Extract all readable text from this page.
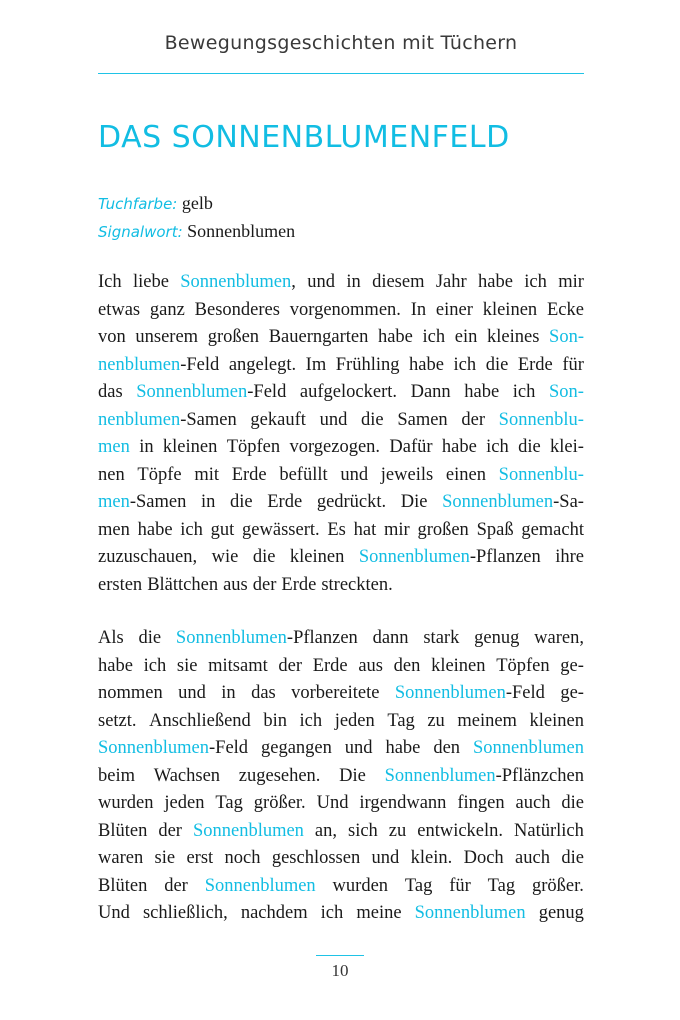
Bewegungsgeschichten mit Tüchern
DAS SONNENBLUMENFELD
Tuchfarbe: gelb
Signalwort: Sonnenblumen
Ich liebe Sonnenblumen, und in diesem Jahr habe ich mir
etwas ganz Besonderes vorgenommen. In einer kleinen Ecke
von unserem großen Bauerngarten habe ich ein kleines Son-
nenblumen-Feld angelegt. Im Frühling habe ich die Erde für
das Sonnenblumen-Feld aufgelockert. Dann habe ich Son-
nenblumen-Samen gekauft und die Samen der Sonnenblu-
men in kleinen Töpfen vorgezogen. Dafür habe ich die klei-
nen Töpfe mit Erde befüllt und jeweils einen Sonnenblu-
men-Samen in die Erde gedrückt. Die Sonnenblumen-Sa-
men habe ich gut gewässert. Es hat mir großen Spaß gemacht
zuzuschauen, wie die kleinen Sonnenblumen-Pflanzen ihre
ersten Blättchen aus der Erde streckten.
Als die Sonnenblumen-Pflanzen dann stark genug waren,
habe ich sie mitsamt der Erde aus den kleinen Töpfen ge-
nommen und in das vorbereitete Sonnenblumen-Feld ge-
setzt. Anschließend bin ich jeden Tag zu meinem kleinen
Sonnenblumen-Feld gegangen und habe den Sonnenblumen
beim Wachsen zugesehen. Die Sonnenblumen-Pflänzchen
wurden jeden Tag größer. Und irgendwann fingen auch die
Blüten der Sonnenblumen an, sich zu entwickeln. Natürlich
waren sie erst noch geschlossen und klein. Doch auch die
Blüten der Sonnenblumen wurden Tag für Tag größer.
Und schließlich, nachdem ich meine Sonnenblumen genug
10
